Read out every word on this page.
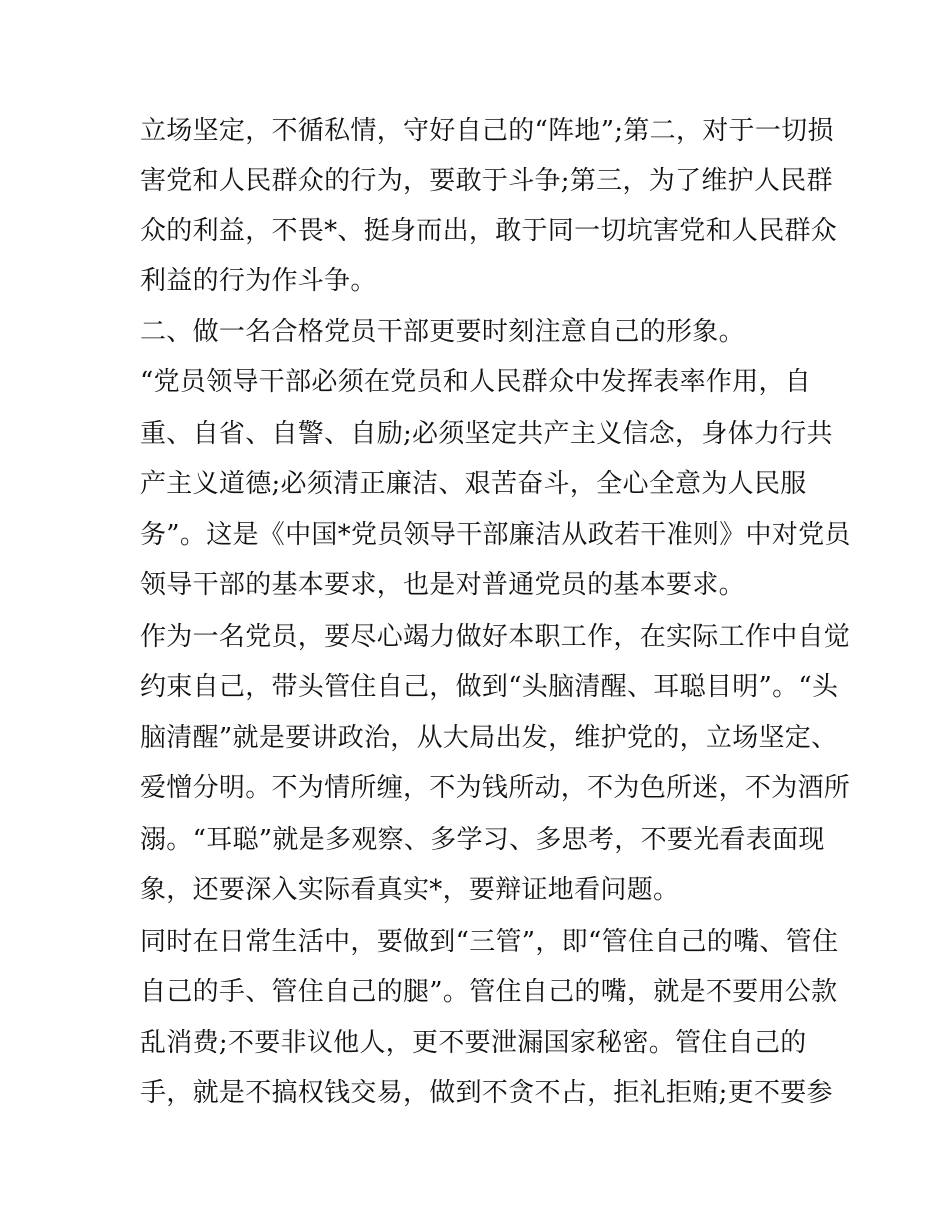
立场坚定，不循私情，守好自己的“阵地”;第二，对于一切损
害党和人民群众的行为，要敢于斗争;第三，为了维护人民群
众的利益，不畏*、挺身而出，敢于同一切坑害党和人民群众
利益的行为作斗争。
二、做一名合格党员干部更要时刻注意自己的形象。
“党员领导干部必须在党员和人民群众中发挥表率作用，自
重、自省、自警、自励;必须坚定共产主义信念，身体力行共
产主义道德;必须清正廉洁、艰苦奋斗，全心全意为人民服
务”。这是《中国*党员领导干部廉洁从政若干准则》中对党员
领导干部的基本要求，也是对普通党员的基本要求。
作为一名党员，要尽心竭力做好本职工作，在实际工作中自觉
约束自己，带头管住自己，做到“头脑清醒、耳聪目明”。“头
脑清醒”就是要讲政治，从大局出发，维护党的，立场坚定、
爱憎分明。不为情所缠，不为钱所动，不为色所迷，不为酒所
溺。“耳聪”就是多观察、多学习、多思考，不要光看表面现
象，还要深入实际看真实*，要辩证地看问题。
同时在日常生活中，要做到“三管”，即“管住自己的嘴、管住
自己的手、管住自己的腿”。管住自己的嘴，就是不要用公款
乱消费;不要非议他人，更不要泄漏国家秘密。管住自己的
手，就是不搞权钱交易，做到不贪不占，拒礼拒贿;更不要参
